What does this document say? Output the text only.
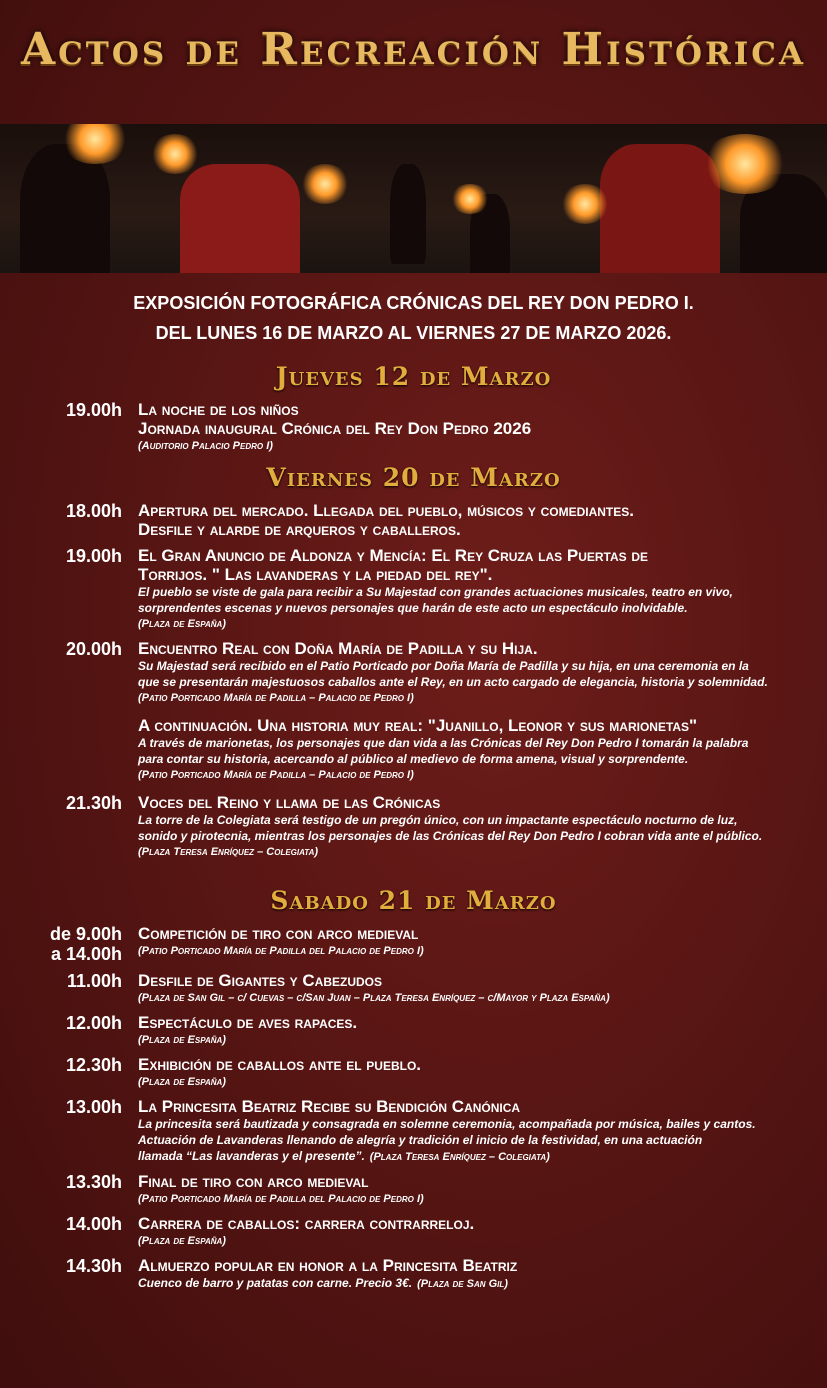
Actos de Recreación Histórica
EXPOSICIÓN FOTOGRÁFICA CRÓNICAS DEL REY DON PEDRO I.
DEL LUNES 16 DE MARZO AL VIERNES 27 DE MARZO 2026.
Jueves 12 de Marzo
19.00h La noche de los niños
Jornada inaugural Crónica del Rey Don Pedro 2026
(Auditorio Palacio Pedro I)
Viernes 20 de Marzo
18.00h Apertura del mercado. Llegada del pueblo, músicos y comediantes.
Desfile y alarde de arqueros y caballeros.
19.00h El Gran Anuncio de Aldonza y Mencía: El Rey Cruza las Puertas de
Torrijos. " Las lavanderas y la piedad del rey".
El pueblo se viste de gala para recibir a Su Majestad con grandes actuaciones musicales, teatro en vivo,
sorprendentes escenas y nuevos personajes que harán de este acto un espectáculo inolvidable.
(Plaza de España)
20.00h Encuentro Real con Doña María de Padilla y su Hija.
Su Majestad será recibido en el Patio Porticado por Doña María de Padilla y su hija, en una ceremonia en la
que se presentarán majestuosos caballos ante el Rey, en un acto cargado de elegancia, historia y solemnidad.
(Patio Porticado María de Padilla – Palacio de Pedro I)
A continuación. Una historia muy real: "Juanillo, Leonor y sus marionetas"
A través de marionetas, los personajes que dan vida a las Crónicas del Rey Don Pedro I tomarán la palabra
para contar su historia, acercando al público al medievo de forma amena, visual y sorprendente.
(Patio Porticado María de Padilla – Palacio de Pedro I)
21.30h Voces del Reino y llama de las Crónicas
La torre de la Colegiata será testigo de un pregón único, con un impactante espectáculo nocturno de luz,
sonido y pirotecnia, mientras los personajes de las Crónicas del Rey Don Pedro I cobran vida ante el público.
(Plaza Teresa Enríquez – Colegiata)
Sabado 21 de Marzo
de 9.00h
a 14.00h
Competición de tiro con arco medieval
(Patio Porticado María de Padilla del Palacio de Pedro I)
11.00h Desfile de Gigantes y Cabezudos
(Plaza de San Gil – c/ Cuevas – c/San Juan – Plaza Teresa Enríquez – c/Mayor y Plaza España)
12.00h Espectáculo de aves rapaces.
(Plaza de España)
12.30h Exhibición de caballos ante el pueblo.
(Plaza de España)
13.00h La Princesita Beatriz Recibe su Bendición Canónica
La princesita será bautizada y consagrada en solemne ceremonia, acompañada por música, bailes y cantos.
Actuación de Lavanderas llenando de alegría y tradición el inicio de la festividad, en una actuación
llamada “Las lavanderas y el presente”. (Plaza Teresa Enríquez – Colegiata)
13.30h Final de tiro con arco medieval
(Patio Porticado María de Padilla del Palacio de Pedro I)
14.00h Carrera de caballos: carrera contrarreloj.
(Plaza de España)
14.30h Almuerzo popular en honor a la Princesita Beatriz
Cuenco de barro y patatas con carne. Precio 3€. (Plaza de San Gil)
